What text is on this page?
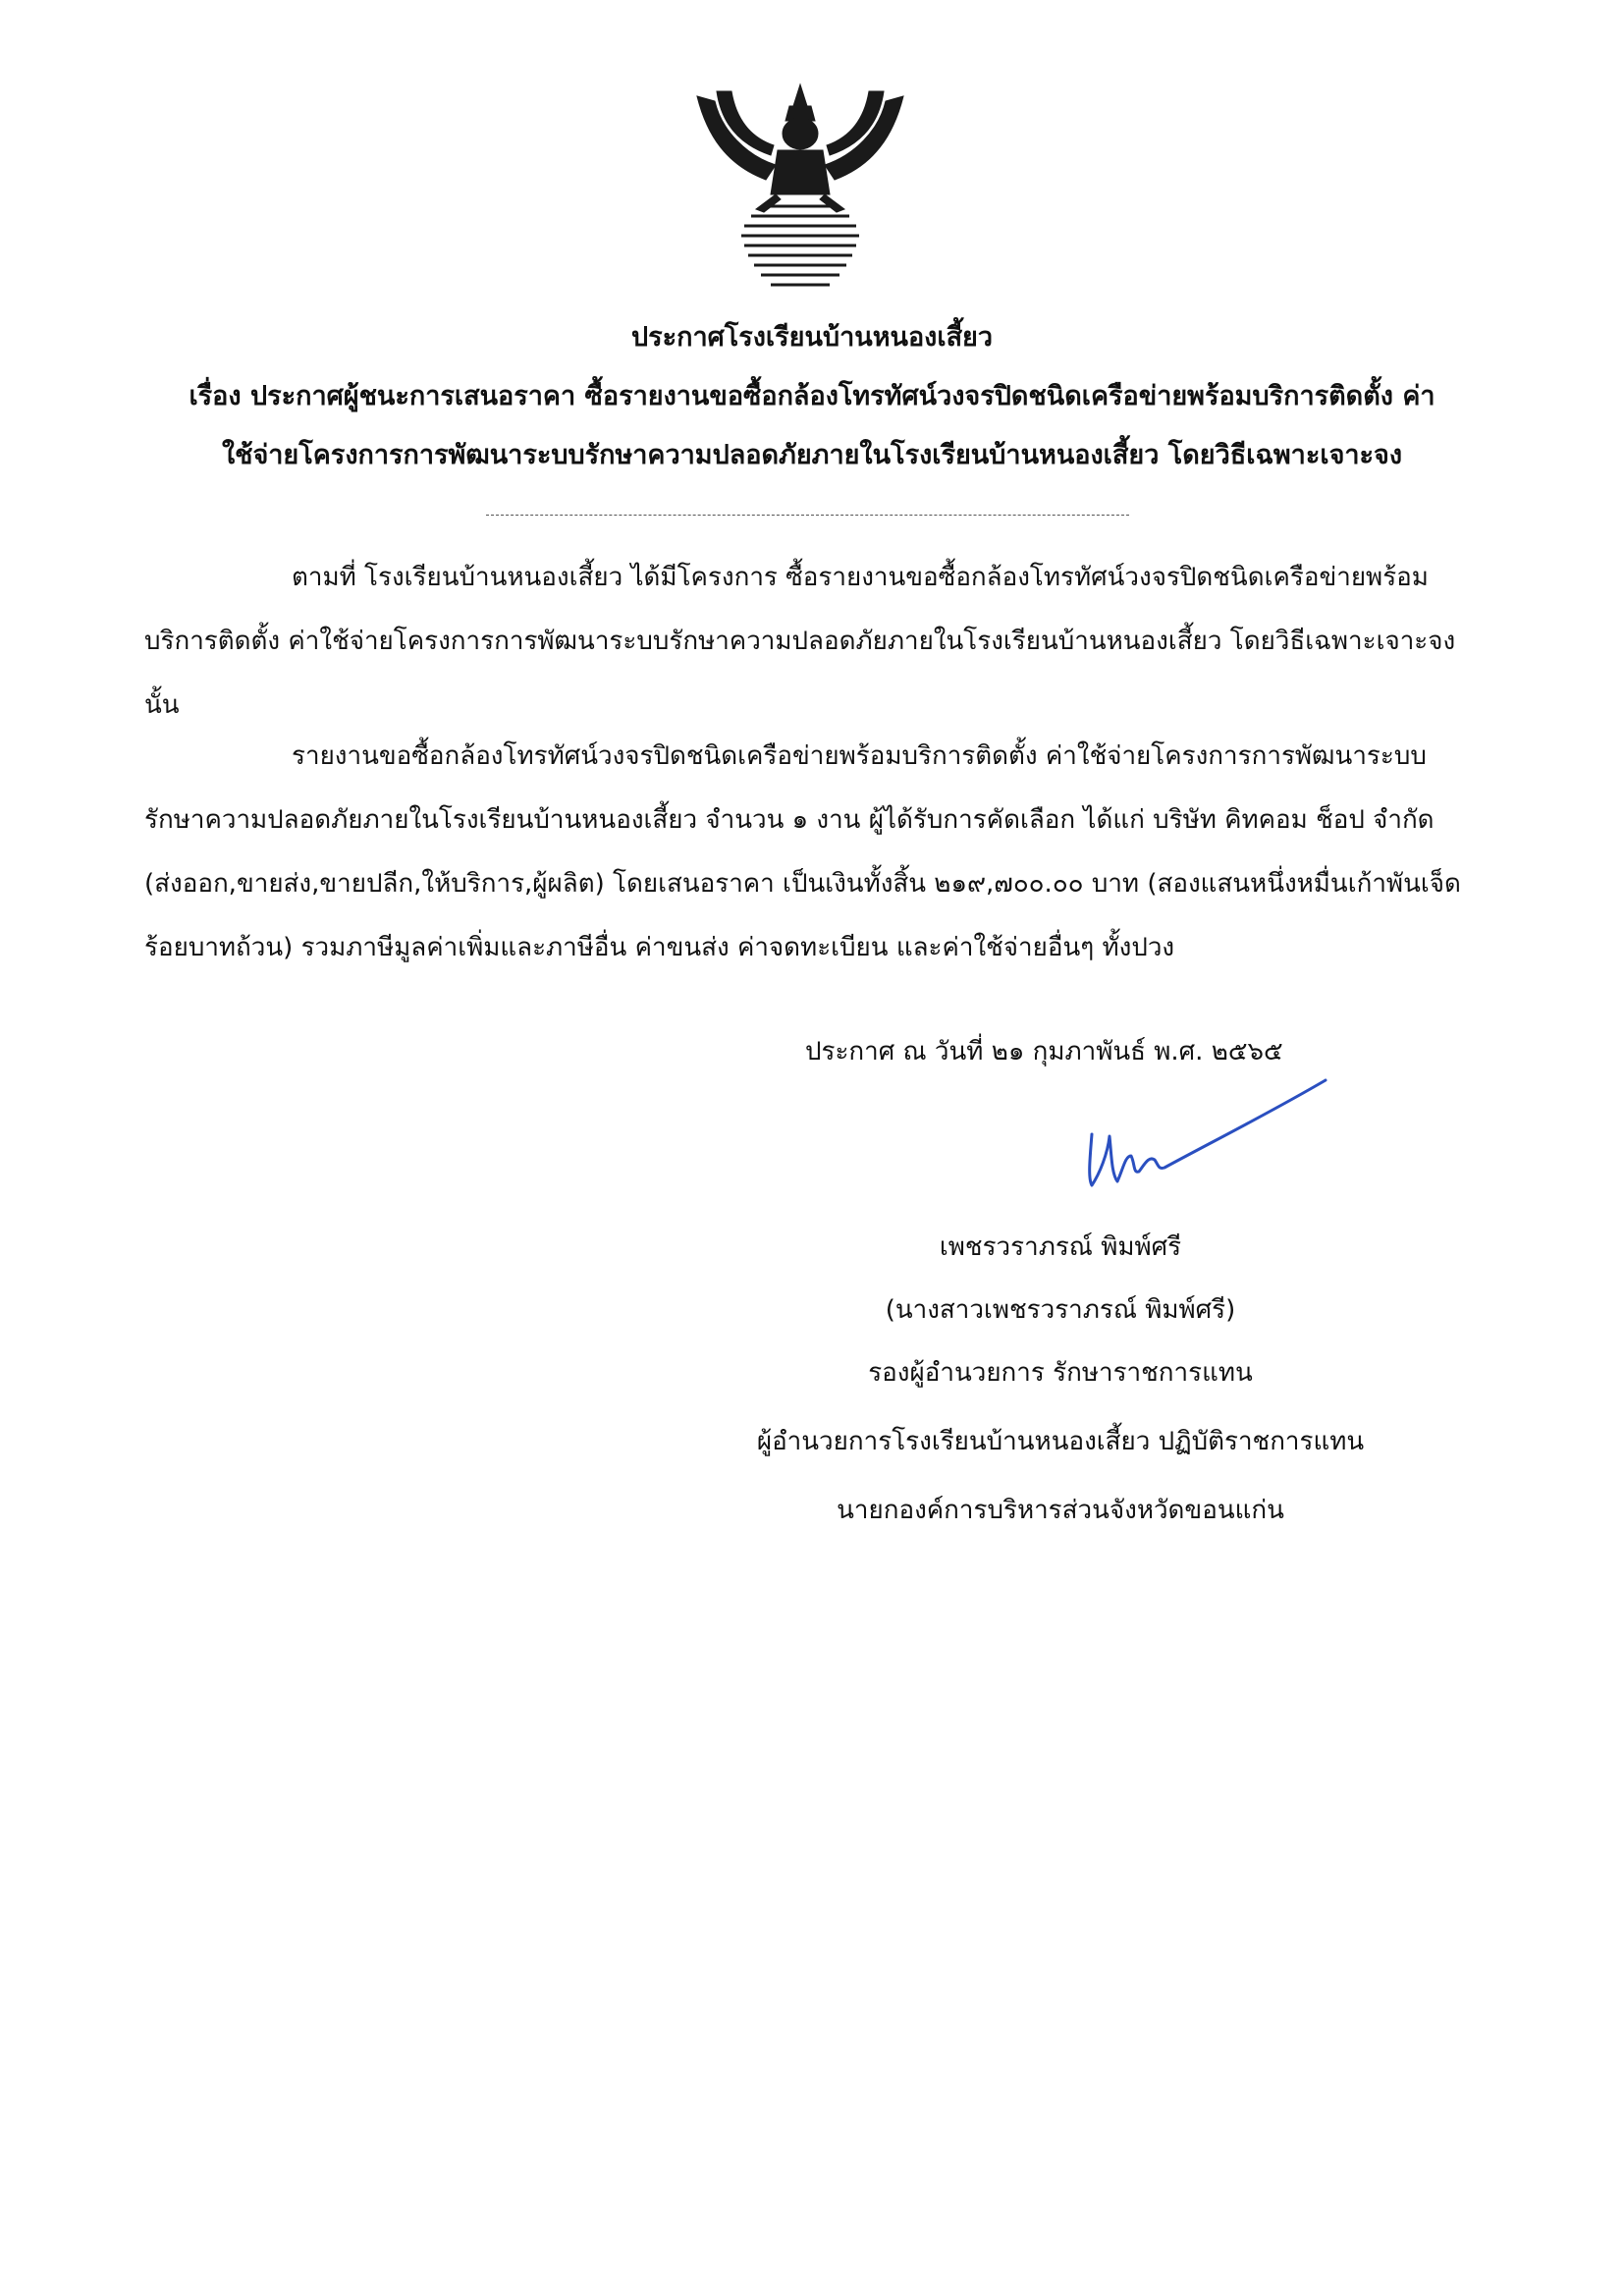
ประกาศโรงเรียนบ้านหนองเสี้ยว
เรื่อง ประกาศผู้ชนะการเสนอราคา ซื้อรายงานขอซื้อกล้องโทรทัศน์วงจรปิดชนิดเครือข่ายพร้อมบริการติดตั้ง ค่า
ใช้จ่ายโครงการการพัฒนาระบบรักษาความปลอดภัยภายในโรงเรียนบ้านหนองเสี้ยว โดยวิธีเฉพาะเจาะจง

ตามที่ โรงเรียนบ้านหนองเสี้ยว ได้มีโครงการ ซื้อรายงานขอซื้อกล้องโทรทัศน์วงจรปิดชนิดเครือข่ายพร้อมบริการติดตั้ง ค่าใช้จ่ายโครงการการพัฒนาระบบรักษาความปลอดภัยภายในโรงเรียนบ้านหนองเสี้ยว โดยวิธีเฉพาะเจาะจง นั้น

รายงานขอซื้อกล้องโทรทัศน์วงจรปิดชนิดเครือข่ายพร้อมบริการติดตั้ง ค่าใช้จ่ายโครงการการพัฒนาระบบรักษาความปลอดภัยภายในโรงเรียนบ้านหนองเสี้ยว จำนวน ๑ งาน ผู้ได้รับการคัดเลือก ได้แก่ บริษัท คิทคอม ช็อป จำกัด (ส่งออก,ขายส่ง,ขายปลีก,ให้บริการ,ผู้ผลิต) โดยเสนอราคา เป็นเงินทั้งสิ้น ๒๑๙,๗๐๐.๐๐ บาท (สองแสนหนึ่งหมื่นเก้าพันเจ็ดร้อยบาทถ้วน) รวมภาษีมูลค่าเพิ่มและภาษีอื่น ค่าขนส่ง ค่าจดทะเบียน และค่าใช้จ่ายอื่นๆ ทั้งปวง

ประกาศ ณ วันที่ ๒๑ กุมภาพันธ์ พ.ศ. ๒๕๖๕
เพชรวราภรณ์ พิมพ์ศรี
(นางสาวเพชรวราภรณ์ พิมพ์ศรี)
รองผู้อำนวยการ รักษาราชการแทน
ผู้อำนวยการโรงเรียนบ้านหนองเสี้ยว ปฏิบัติราชการแทน
นายกองค์การบริหารส่วนจังหวัดขอนแก่น
